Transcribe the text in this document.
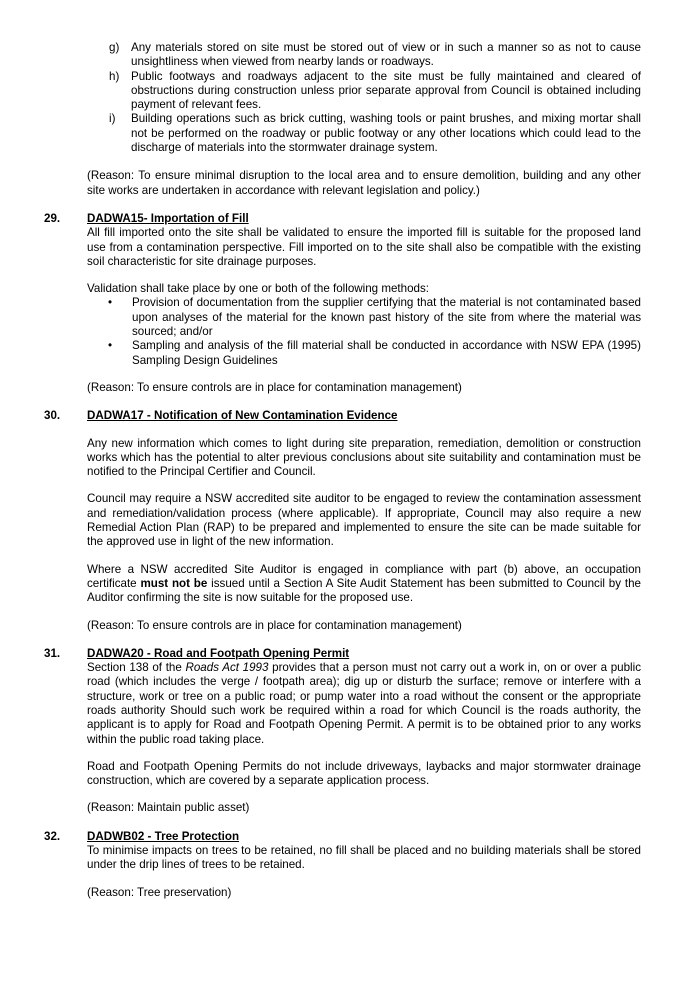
g)	Any materials stored on site must be stored out of view or in such a manner so as not to cause unsightliness when viewed from nearby lands or roadways.
h)	Public footways and roadways adjacent to the site must be fully maintained and cleared of obstructions during construction unless prior separate approval from Council is obtained including payment of relevant fees.
i)	Building operations such as brick cutting, washing tools or paint brushes, and mixing mortar shall not be performed on the roadway or public footway or any other locations which could lead to the discharge of materials into the stormwater drainage system.

(Reason: To ensure minimal disruption to the local area and to ensure demolition, building and any other site works are undertaken in accordance with relevant legislation and policy.)

29. DADWA15- Importation of Fill

All fill imported onto the site shall be validated to ensure the imported fill is suitable for the proposed land use from a contamination perspective. Fill imported on to the site shall also be compatible with the existing soil characteristic for site drainage purposes.

Validation shall take place by one or both of the following methods:

•	Provision of documentation from the supplier certifying that the material is not contaminated based upon analyses of the material for the known past history of the site from where the material was sourced; and/or
•	Sampling and analysis of the fill material shall be conducted in accordance with NSW EPA (1995) Sampling Design Guidelines

(Reason: To ensure controls are in place for contamination management)

30. DADWA17 - Notification of New Contamination Evidence

Any new information which comes to light during site preparation, remediation, demolition or construction works which has the potential to alter previous conclusions about site suitability and contamination must be notified to the Principal Certifier and Council.

Council may require a NSW accredited site auditor to be engaged to review the contamination assessment and remediation/validation process (where applicable). If appropriate, Council may also require a new Remedial Action Plan (RAP) to be prepared and implemented to ensure the site can be made suitable for the approved use in light of the new information.

Where a NSW accredited Site Auditor is engaged in compliance with part (b) above, an occupation certificate must not be issued until a Section A Site Audit Statement has been submitted to Council by the Auditor confirming the site is now suitable for the proposed use.

(Reason: To ensure controls are in place for contamination management)

31. DADWA20 - Road and Footpath Opening Permit

Section 138 of the Roads Act 1993 provides that a person must not carry out a work in, on or over a public road (which includes the verge / footpath area); dig up or disturb the surface; remove or interfere with a structure, work or tree on a public road; or pump water into a road without the consent or the appropriate roads authority Should such work be required within a road for which Council is the roads authority, the applicant is to apply for Road and Footpath Opening Permit. A permit is to be obtained prior to any works within the public road taking place.

Road and Footpath Opening Permits do not include driveways, laybacks and major stormwater drainage construction, which are covered by a separate application process.

(Reason: Maintain public asset)

32. DADWB02 - Tree Protection

To minimise impacts on trees to be retained, no fill shall be placed and no building materials shall be stored under the drip lines of trees to be retained.

(Reason: Tree preservation)
